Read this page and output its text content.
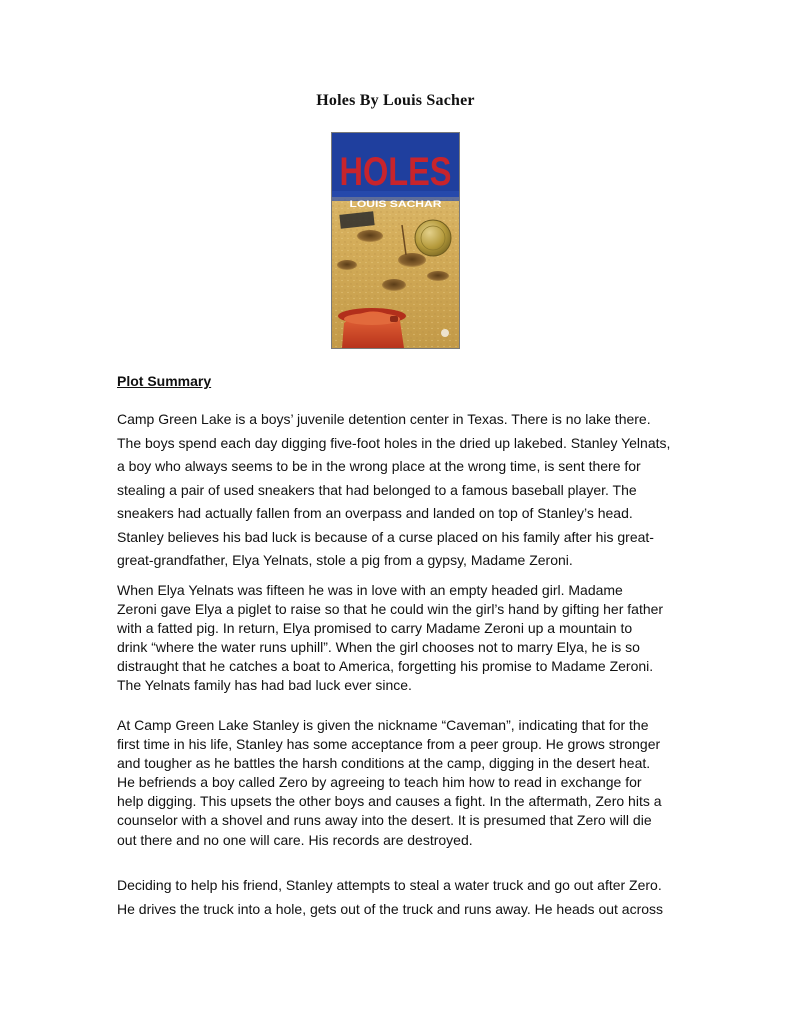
Holes By Louis Sacher
HOLES
LOUIS SACHAR
Plot Summary

Camp Green Lake is a boys’ juvenile detention center in Texas. There is no lake there.
The boys spend each day digging five-foot holes in the dried up lakebed. Stanley Yelnats,
a boy who always seems to be in the wrong place at the wrong time, is sent there for
stealing a pair of used sneakers that had belonged to a famous baseball player. The
sneakers had actually fallen from an overpass and landed on top of Stanley’s head.
Stanley believes his bad luck is because of a curse placed on his family after his great-
great-grandfather, Elya Yelnats, stole a pig from a gypsy, Madame Zeroni.

When Elya Yelnats was fifteen he was in love with an empty headed girl. Madame
Zeroni gave Elya a piglet to raise so that he could win the girl’s hand by gifting her father
with a fatted pig. In return, Elya promised to carry Madame Zeroni up a mountain to
drink “where the water runs uphill”. When the girl chooses not to marry Elya, he is so
distraught that he catches a boat to America, forgetting his promise to Madame Zeroni.
The Yelnats family has had bad luck ever since.

At Camp Green Lake Stanley is given the nickname “Caveman”, indicating that for the
first time in his life, Stanley has some acceptance from a peer group. He grows stronger
and tougher as he battles the harsh conditions at the camp, digging in the desert heat.
He befriends a boy called Zero by agreeing to teach him how to read in exchange for
help digging. This upsets the other boys and causes a fight. In the aftermath, Zero hits a
counselor with a shovel and runs away into the desert. It is presumed that Zero will die
out there and no one will care. His records are destroyed.

Deciding to help his friend, Stanley attempts to steal a water truck and go out after Zero.
He drives the truck into a hole, gets out of the truck and runs away. He heads out across
